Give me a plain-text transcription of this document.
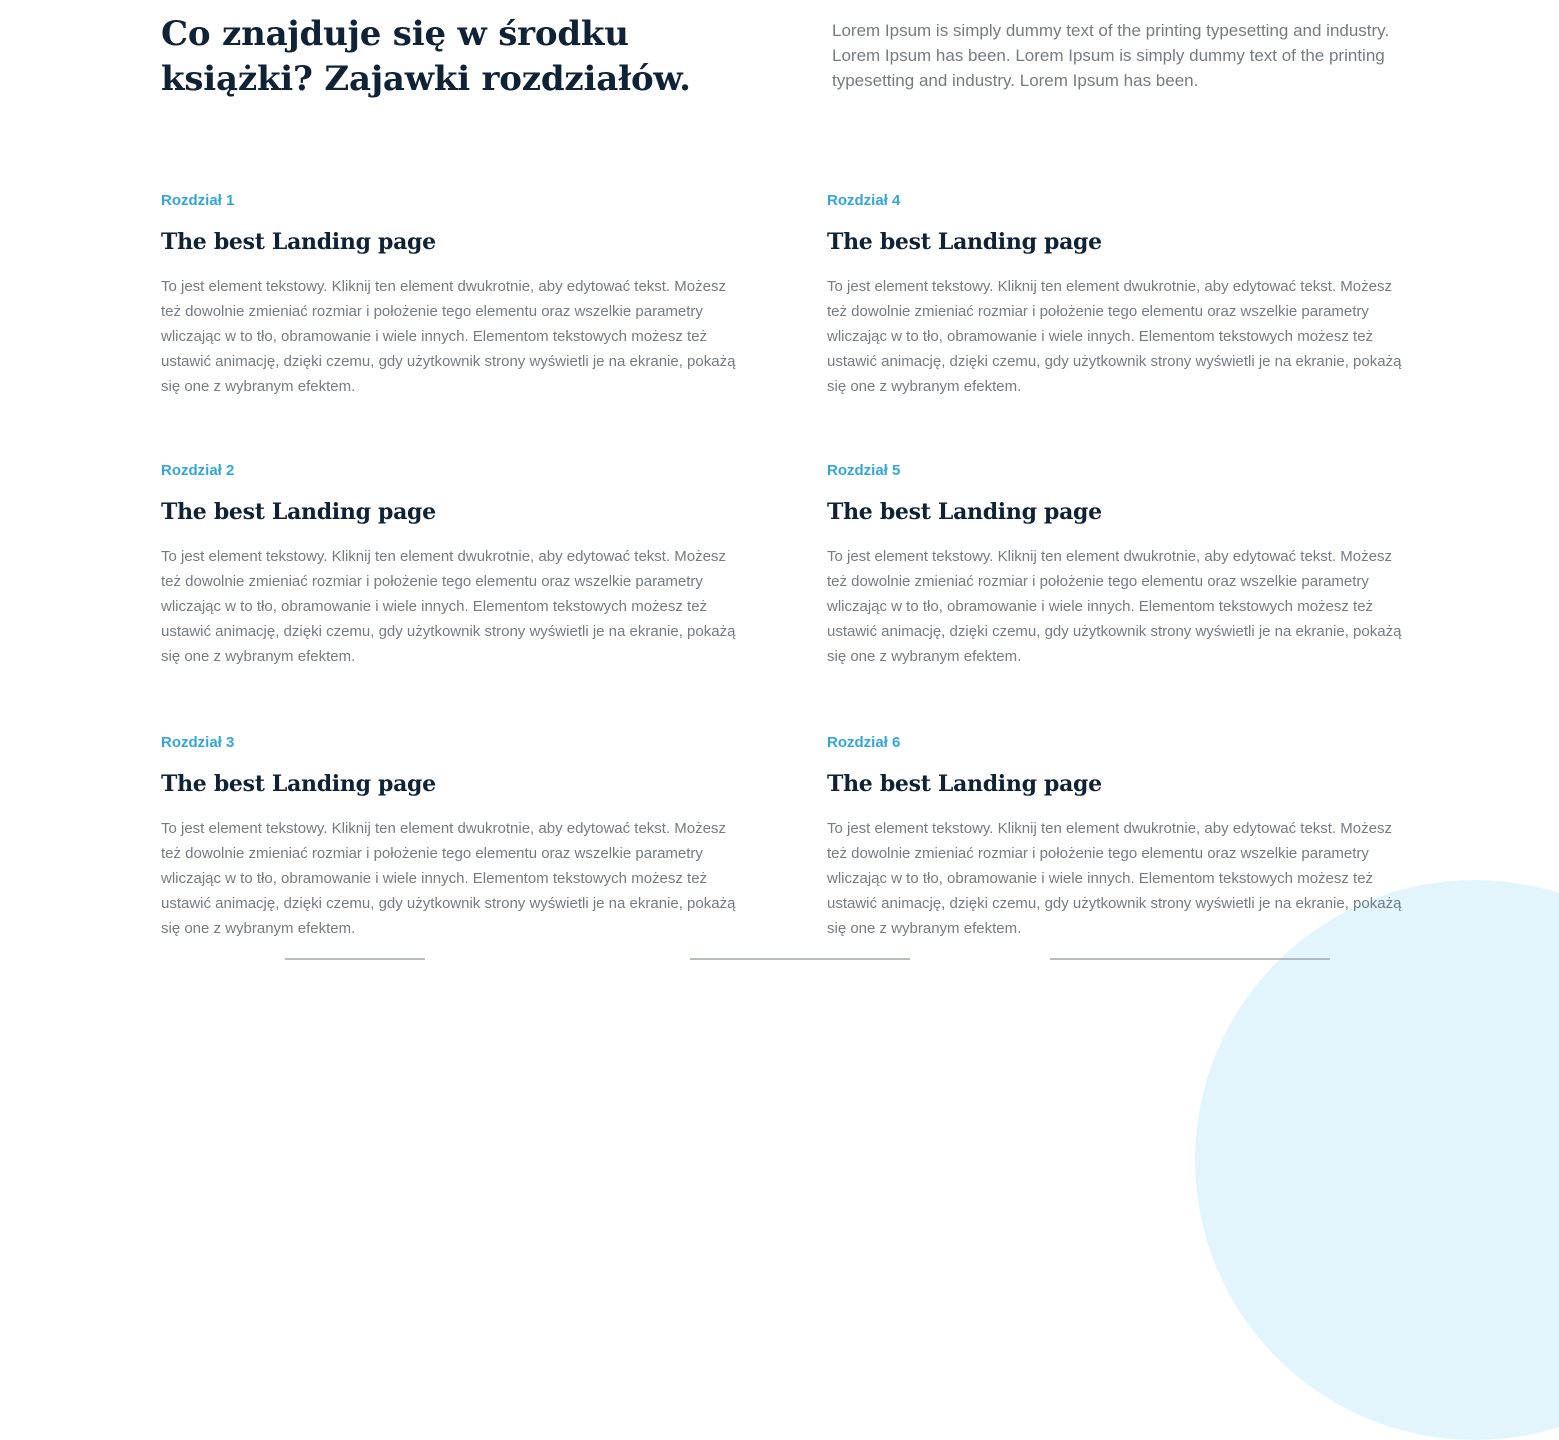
Co znajduje się w środku książki? Zajawki rozdziałów.

Lorem Ipsum is simply dummy text of the printing typesetting and industry. Lorem Ipsum has been. Lorem Ipsum is simply dummy text of the printing typesetting and industry. Lorem Ipsum has been.

Rozdział 1

The best Landing page

To jest element tekstowy. Kliknij ten element dwukrotnie, aby edytować tekst. Możesz też dowolnie zmieniać rozmiar i położenie tego elementu oraz wszelkie parametry wliczając w to tło, obramowanie i wiele innych. Elementom tekstowych możesz też ustawić animację, dzięki czemu, gdy użytkownik strony wyświetli je na ekranie, pokażą się one z wybranym efektem.

Rozdział 2

The best Landing page

To jest element tekstowy. Kliknij ten element dwukrotnie, aby edytować tekst. Możesz też dowolnie zmieniać rozmiar i położenie tego elementu oraz wszelkie parametry wliczając w to tło, obramowanie i wiele innych. Elementom tekstowych możesz też ustawić animację, dzięki czemu, gdy użytkownik strony wyświetli je na ekranie, pokażą się one z wybranym efektem.

Rozdział 3

The best Landing page

To jest element tekstowy. Kliknij ten element dwukrotnie, aby edytować tekst. Możesz też dowolnie zmieniać rozmiar i położenie tego elementu oraz wszelkie parametry wliczając w to tło, obramowanie i wiele innych. Elementom tekstowych możesz też ustawić animację, dzięki czemu, gdy użytkownik strony wyświetli je na ekranie, pokażą się one z wybranym efektem.

Rozdział 4

The best Landing page

To jest element tekstowy. Kliknij ten element dwukrotnie, aby edytować tekst. Możesz też dowolnie zmieniać rozmiar i położenie tego elementu oraz wszelkie parametry wliczając w to tło, obramowanie i wiele innych. Elementom tekstowych możesz też ustawić animację, dzięki czemu, gdy użytkownik strony wyświetli je na ekranie, pokażą się one z wybranym efektem.

Rozdział 5

The best Landing page

To jest element tekstowy. Kliknij ten element dwukrotnie, aby edytować tekst. Możesz też dowolnie zmieniać rozmiar i położenie tego elementu oraz wszelkie parametry wliczając w to tło, obramowanie i wiele innych. Elementom tekstowych możesz też ustawić animację, dzięki czemu, gdy użytkownik strony wyświetli je na ekranie, pokażą się one z wybranym efektem.

Rozdział 6

The best Landing page

To jest element tekstowy. Kliknij ten element dwukrotnie, aby edytować tekst. Możesz też dowolnie zmieniać rozmiar i położenie tego elementu oraz wszelkie parametry wliczając w to tło, obramowanie i wiele innych. Elementom tekstowych możesz też ustawić animację, dzięki czemu, gdy użytkownik strony wyświetli je na ekranie, pokażą się one z wybranym efektem.
